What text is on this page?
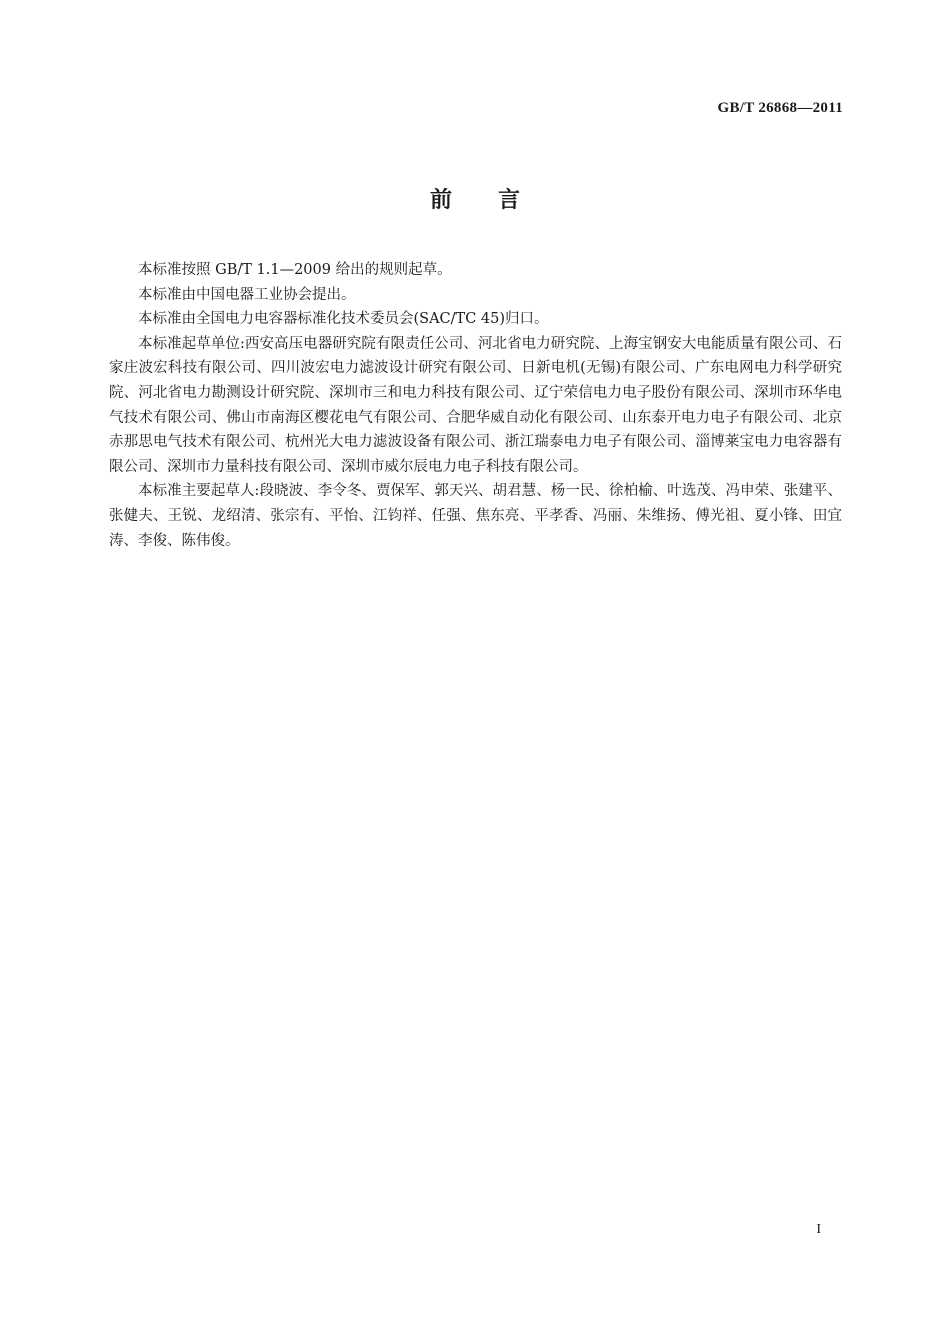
GB/T 26868—2011
前言

本标准按照 GB/T 1.1—2009 给出的规则起草。

本标准由中国电器工业协会提出。

本标准由全国电力电容器标准化技术委员会(SAC/TC 45)归口。

本标准起草单位:西安高压电器研究院有限责任公司、河北省电力研究院、上海宝钢安大电能质量有限公司、石家庄波宏科技有限公司、四川波宏电力滤波设计研究有限公司、日新电机(无锡)有限公司、广东电网电力科学研究院、河北省电力勘测设计研究院、深圳市三和电力科技有限公司、辽宁荣信电力电子股份有限公司、深圳市环华电气技术有限公司、佛山市南海区樱花电气有限公司、合肥华威自动化有限公司、山东泰开电力电子有限公司、北京赤那思电气技术有限公司、杭州光大电力滤波设备有限公司、浙江瑞泰电力电子有限公司、淄博莱宝电力电容器有限公司、深圳市力量科技有限公司、深圳市威尔辰电力电子科技有限公司。

本标准主要起草人:段晓波、李令冬、贾保军、郭天兴、胡君慧、杨一民、徐柏榆、叶选茂、冯申荣、张建平、张健夫、王锐、龙绍清、张宗有、平怡、江钧祥、任强、焦东亮、平孝香、冯丽、朱维扬、傅光祖、夏小锋、田宜涛、李俊、陈伟俊。

I
